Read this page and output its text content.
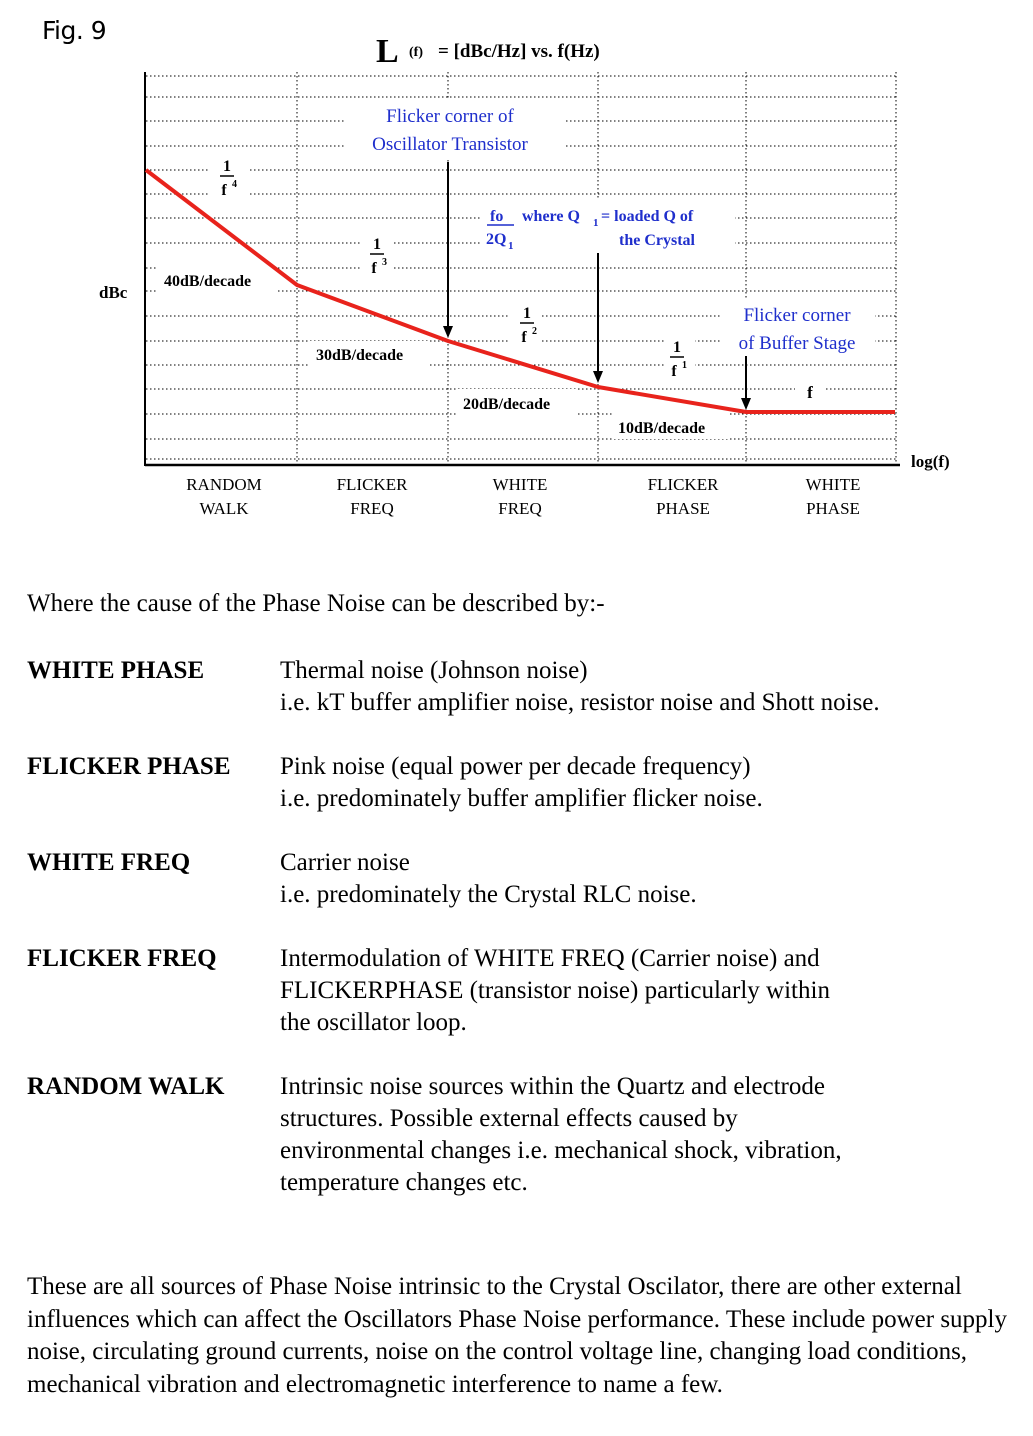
Fig. 9
L (f) = [dBc/Hz] vs. f(Hz)
Flicker corner of
Oscillator Transistor
fo
2Q 1
where Q 1 = loaded Q of
the Crystal
Flicker corner
of Buffer Stage
1
f 4
1
f 3
1
f 2
1
f 1
f
40dB/decade
30dB/decade
20dB/decade
10dB/decade
dBc
log(f)
RANDOM
WALK
FLICKER
FREQ
WHITE
FREQ
FLICKER
PHASE
WHITE
PHASE
Where the cause of the Phase Noise can be described by:-
WHITE PHASE	Thermal noise (Johnson noise)
i.e. kT buffer amplifier noise, resistor noise and Shott noise.
FLICKER PHASE	Pink noise (equal power per decade frequency)
i.e. predominately buffer amplifier flicker noise.
WHITE FREQ	Carrier noise
i.e. predominately the Crystal RLC noise.
FLICKER FREQ	Intermodulation of WHITE FREQ (Carrier noise) and
FLICKERPHASE (transistor noise) particularly within
the oscillator loop.
RANDOM WALK	Intrinsic noise sources within the Quartz and electrode
structures. Possible external effects caused by
environmental changes i.e. mechanical shock, vibration,
temperature changes etc.
These are all sources of Phase Noise intrinsic to the Crystal Oscilator, there are other external influences which can affect the Oscillators Phase Noise performance. These include power supply noise, circulating ground currents, noise on the control voltage line, changing load conditions, mechanical vibration and electromagnetic interference to name a few.
